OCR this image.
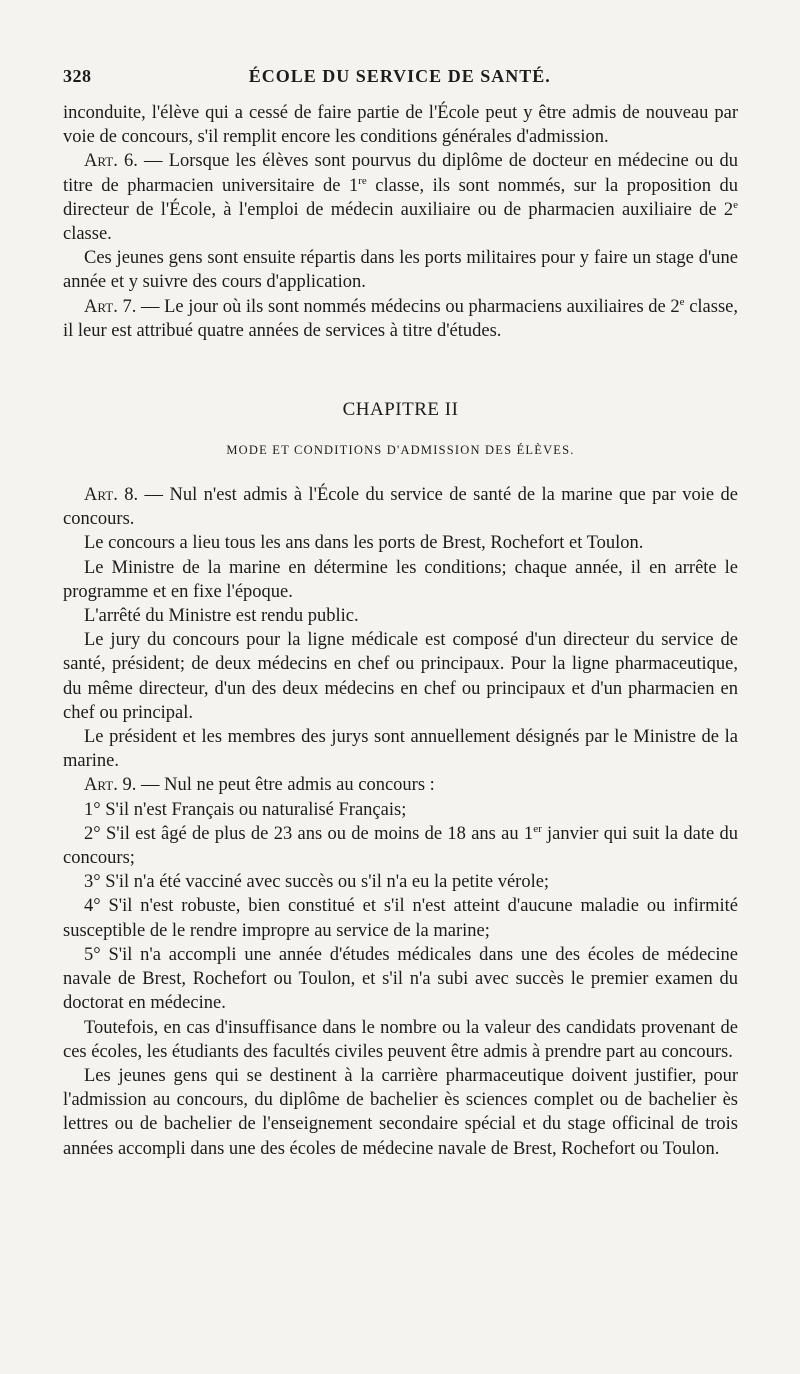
328	ÉCOLE DU SERVICE DE SANTÉ.

inconduite, l'élève qui a cessé de faire partie de l'École peut y être admis de nouveau par voie de concours, s'il remplit encore les conditions générales d'admission.

Art. 6. — Lorsque les élèves sont pourvus du diplôme de docteur en médecine ou du titre de pharmacien universitaire de 1re classe, ils sont nommés, sur la proposition du directeur de l'École, à l'emploi de médecin auxiliaire ou de pharmacien auxiliaire de 2e classe.

Ces jeunes gens sont ensuite répartis dans les ports militaires pour y faire un stage d'une année et y suivre des cours d'application.

Art. 7. — Le jour où ils sont nommés médecins ou pharmaciens auxiliaires de 2e classe, il leur est attribué quatre années de services à titre d'études.

CHAPITRE II
MODE ET CONDITIONS D'ADMISSION DES ÉLÈVES.

Art. 8. — Nul n'est admis à l'École du service de santé de la marine que par voie de concours.

Le concours a lieu tous les ans dans les ports de Brest, Rochefort et Toulon.

Le Ministre de la marine en détermine les conditions; chaque année, il en arrête le programme et en fixe l'époque.

L'arrêté du Ministre est rendu public.

Le jury du concours pour la ligne médicale est composé d'un directeur du service de santé, président; de deux médecins en chef ou principaux. Pour la ligne pharmaceutique, du même directeur, d'un des deux médecins en chef ou principaux et d'un pharmacien en chef ou principal.

Le président et les membres des jurys sont annuellement désignés par le Ministre de la marine.

Art. 9. — Nul ne peut être admis au concours :

1° S'il n'est Français ou naturalisé Français;

2° S'il est âgé de plus de 23 ans ou de moins de 18 ans au 1er janvier qui suit la date du concours;

3° S'il n'a été vacciné avec succès ou s'il n'a eu la petite vérole;

4° S'il n'est robuste, bien constitué et s'il n'est atteint d'aucune maladie ou infirmité susceptible de le rendre impropre au service de la marine;

5° S'il n'a accompli une année d'études médicales dans une des écoles de médecine navale de Brest, Rochefort ou Toulon, et s'il n'a subi avec succès le premier examen du doctorat en médecine.

Toutefois, en cas d'insuffisance dans le nombre ou la valeur des candidats provenant de ces écoles, les étudiants des facultés civiles peuvent être admis à prendre part au concours.

Les jeunes gens qui se destinent à la carrière pharmaceutique doivent justifier, pour l'admission au concours, du diplôme de bachelier ès sciences complet ou de bachelier ès lettres ou de bachelier de l'enseignement secondaire spécial et du stage officinal de trois années accompli dans une des écoles de médecine navale de Brest, Rochefort ou Toulon.
